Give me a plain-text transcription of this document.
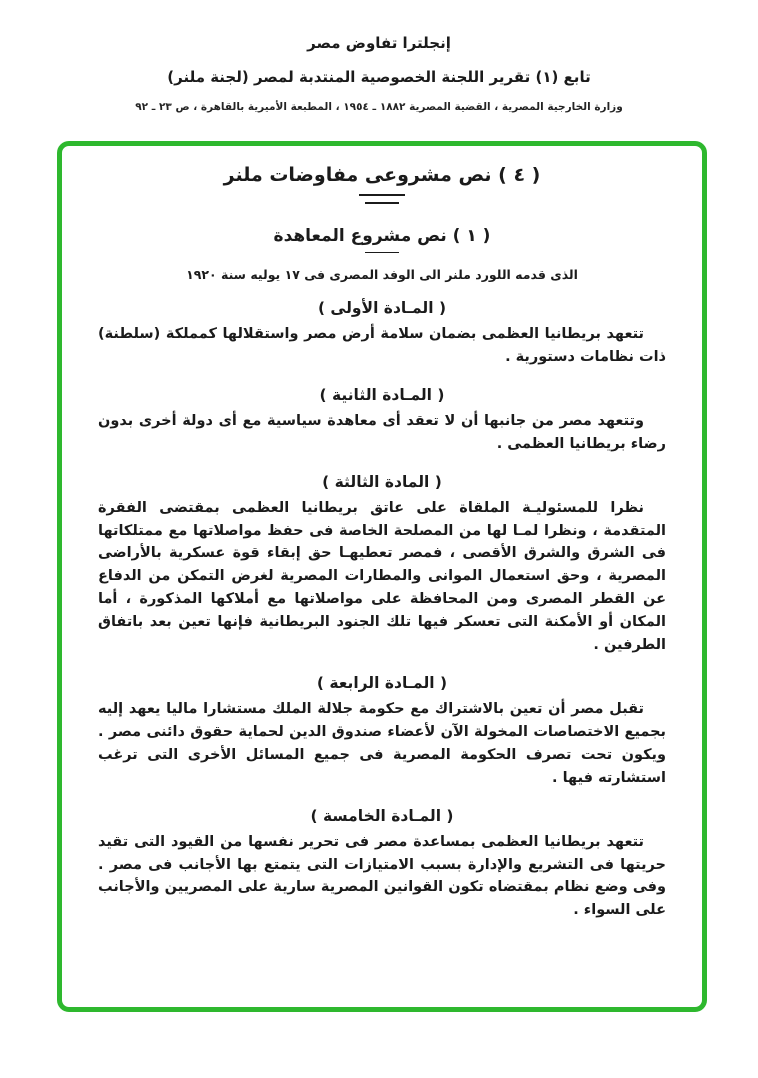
إنجلترا تفاوض مصر
تابع (١) تقرير اللجنة الخصوصية المنتدبة لمصر (لجنة ملنر)
وزارة الخارجية المصرية ، القضية المصرية ١٨٨٢ ـ ١٩٥٤ ، المطبعة الأميرية بالقاهرة ، ص ٢٣ ـ ٩٢
( ٤ ) نص مشروعى مفاوضات ملنر
( ١ ) نص مشروع المعاهدة
الذى قدمه اللورد ملنر الى الوفد المصرى فى ١٧ يوليه سنة ١٩٢٠
( المـادة الأولى )
تتعهد بريطانيا العظمى بضمان سلامة أرض مصر واستقلالها كمملكة (سلطنة) ذات نظامات دستورية .
( المـادة الثانية )
وتتعهد مصر من جانبها أن لا تعقد أى معاهدة سياسية مع أى دولة أخرى بدون رضاء بريطانيا العظمى .
( المادة الثالثة )
نظرا للمسئوليـة الملقاة على عاتق بريطانيا العظمى بمقتضى الفقرة المتقدمة ، ونظرا لمـا لها من المصلحة الخاصة فى حفظ مواصلاتها مع ممتلكاتها فى الشرق والشرق الأقصى ، فمصر تعطيهـا حق إبقاء قوة عسكرية بالأراضى المصرية ، وحق استعمال الموانى والمطارات المصرية لغرض التمكن من الدفاع عن القطر المصرى ومن المحافظة على مواصلاتها مع أملاكها المذكورة ، أما المكان أو الأمكنة التى تعسكر فيها تلك الجنود البريطانية فإنها تعين بعد باتفاق الطرفين .
( المـادة الرابعة )
تقبل مصر أن تعين بالاشتراك مع حكومة جلالة الملك مستشارا ماليا يعهد إليه بجميع الاختصاصات المخولة الآن لأعضاء صندوق الدين لحماية حقوق دائنى مصر . ويكون تحت تصرف الحكومة المصرية فى جميع المسائل الأخرى التى ترغب استشارته فيها .
( المـادة الخامسة )
تتعهد بريطانيا العظمى بمساعدة مصر فى تحرير نفسها من القيود التى تقيد حريتها فى التشريع والإدارة بسبب الامتيازات التى يتمتع بها الأجانب فى مصر . وفى وضع نظام بمقتضاه تكون القوانين المصرية سارية على المصريين والأجانب على السواء .
